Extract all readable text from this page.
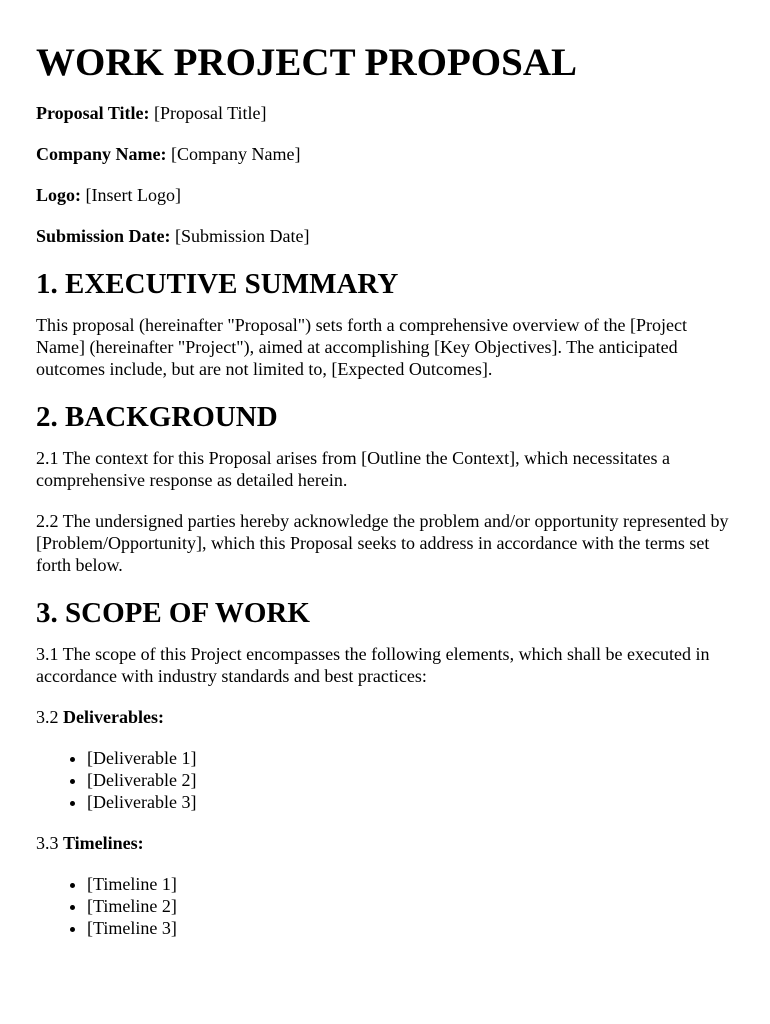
WORK PROJECT PROPOSAL

Proposal Title: [Proposal Title]

Company Name: [Company Name]

Logo: [Insert Logo]

Submission Date: [Submission Date]

1. EXECUTIVE SUMMARY

This proposal (hereinafter "Proposal") sets forth a comprehensive overview of the [Project Name] (hereinafter "Project"), aimed at accomplishing [Key Objectives]. The anticipated outcomes include, but are not limited to, [Expected Outcomes].

2. BACKGROUND

2.1 The context for this Proposal arises from [Outline the Context], which necessitates a comprehensive response as detailed herein.

2.2 The undersigned parties hereby acknowledge the problem and/or opportunity represented by [Problem/Opportunity], which this Proposal seeks to address in accordance with the terms set forth below.

3. SCOPE OF WORK

3.1 The scope of this Project encompasses the following elements, which shall be executed in accordance with industry standards and best practices:

3.2 Deliverables:

• [Deliverable 1]
• [Deliverable 2]
• [Deliverable 3]

3.3 Timelines:

• [Timeline 1]
• [Timeline 2]
• [Timeline 3]
